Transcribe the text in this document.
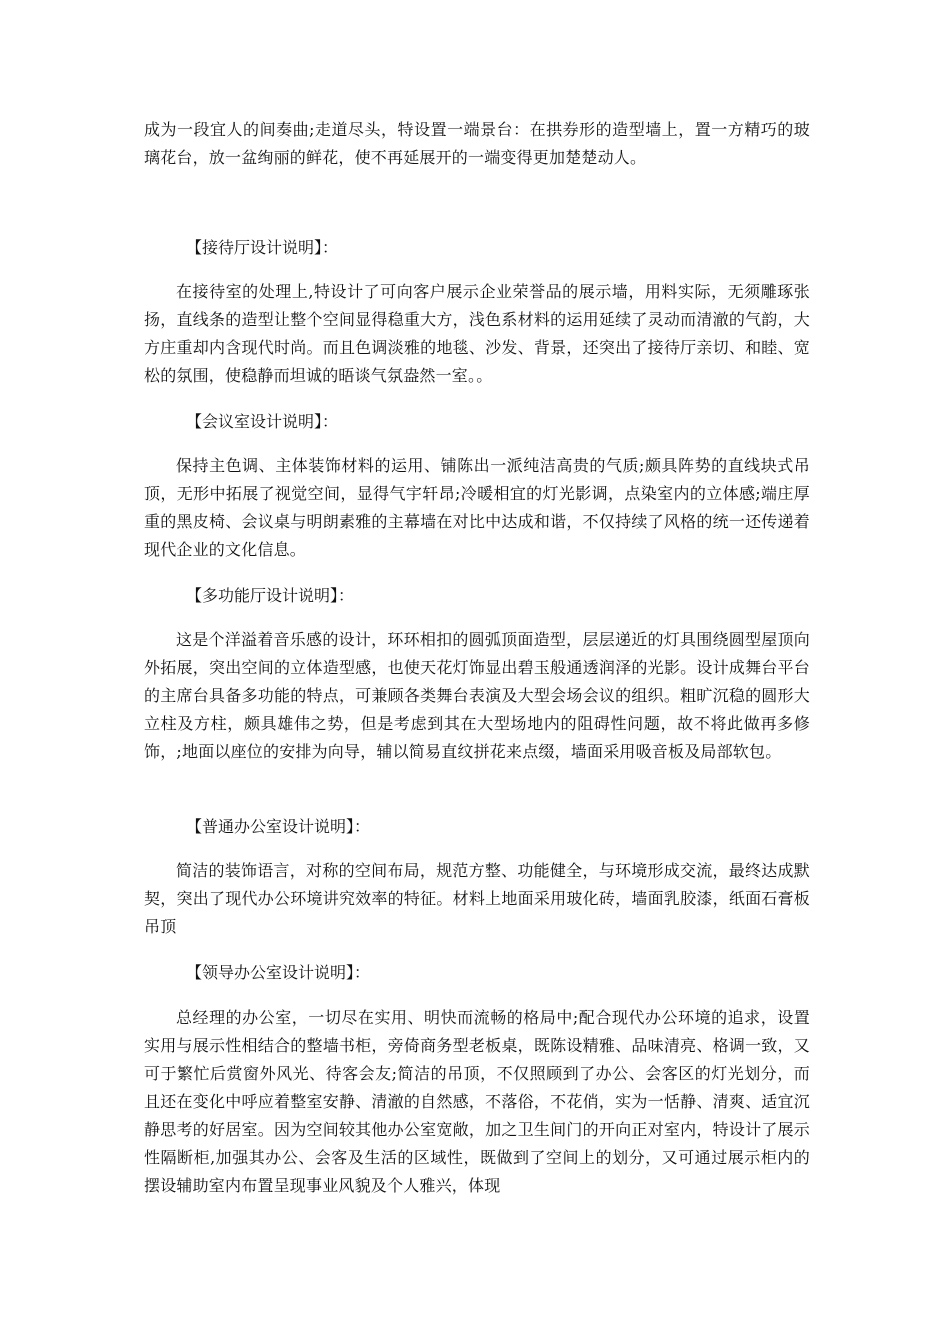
成为一段宜人的间奏曲;走道尽头，特设置一端景台：在拱券形的造型墙上，置一方精巧的玻璃花台，放一盆绚丽的鲜花，使不再延展开的一端变得更加楚楚动人。
【接待厅设计说明】：
在接待室的处理上,特设计了可向客户展示企业荣誉品的展示墙，用料实际，无须雕琢张扬，直线条的造型让整个空间显得稳重大方，浅色系材料的运用延续了灵动而清澈的气韵，大方庄重却内含现代时尚。而且色调淡雅的地毯、沙发、背景，还突出了接待厅亲切、和睦、宽松的氛围，使稳静而坦诚的晤谈气氛盎然一室。。
【会议室设计说明】：
保持主色调、主体装饰材料的运用、铺陈出一派纯洁高贵的气质;颇具阵势的直线块式吊顶，无形中拓展了视觉空间，显得气宇轩昂;冷暖相宜的灯光影调，点染室内的立体感;端庄厚重的黑皮椅、会议桌与明朗素雅的主幕墙在对比中达成和谐，不仅持续了风格的统一还传递着现代企业的文化信息。
【多功能厅设计说明】：
这是个洋溢着音乐感的设计，环环相扣的圆弧顶面造型，层层递近的灯具围绕圆型屋顶向外拓展，突出空间的立体造型感，也使天花灯饰显出碧玉般通透润泽的光影。设计成舞台平台的主席台具备多功能的特点，可兼顾各类舞台表演及大型会场会议的组织。粗旷沉稳的圆形大立柱及方柱，颇具雄伟之势，但是考虑到其在大型场地内的阻碍性问题，故不将此做再多修饰，;地面以座位的安排为向导，辅以简易直纹拼花来点缀，墙面采用吸音板及局部软包。
【普通办公室设计说明】：
简洁的装饰语言，对称的空间布局，规范方整、功能健全，与环境形成交流，最终达成默契，突出了现代办公环境讲究效率的特征。材料上地面采用玻化砖，墙面乳胶漆，纸面石膏板吊顶
【领导办公室设计说明】：
总经理的办公室，一切尽在实用、明快而流畅的格局中;配合现代办公环境的追求，设置实用与展示性相结合的整墙书柜，旁倚商务型老板桌，既陈设精雅、品味清亮、格调一致，又可于繁忙后赏窗外风光、待客会友;简洁的吊顶，不仅照顾到了办公、会客区的灯光划分，而且还在变化中呼应着整室安静、清澈的自然感，不落俗，不花俏，实为一恬静、清爽、适宜沉静思考的好居室。因为空间较其他办公室宽敞，加之卫生间门的开向正对室内，特设计了展示性隔断柜,加强其办公、会客及生活的区域性，既做到了空间上的划分，又可通过展示柜内的摆设辅助室内布置呈现事业风貌及个人雅兴，体现
